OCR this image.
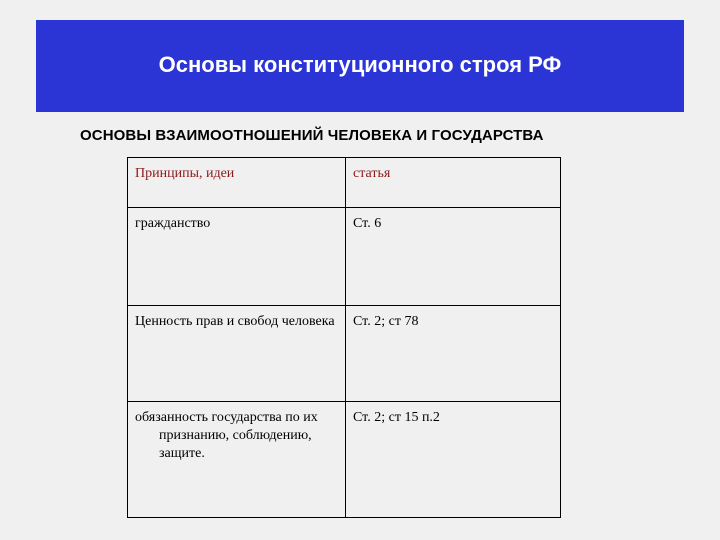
Основы конституционного строя РФ
ОСНОВЫ ВЗАИМООТНОШЕНИЙ ЧЕЛОВЕКА И ГОСУДАРСТВА
Принципы, идеи	статья

гражданство	Ст. 6

Ценность прав и свобод человека	Ст. 2; ст 78

обязанность государства по их признанию, соблюдению, защите.	Ст. 2; ст 15 п.2
